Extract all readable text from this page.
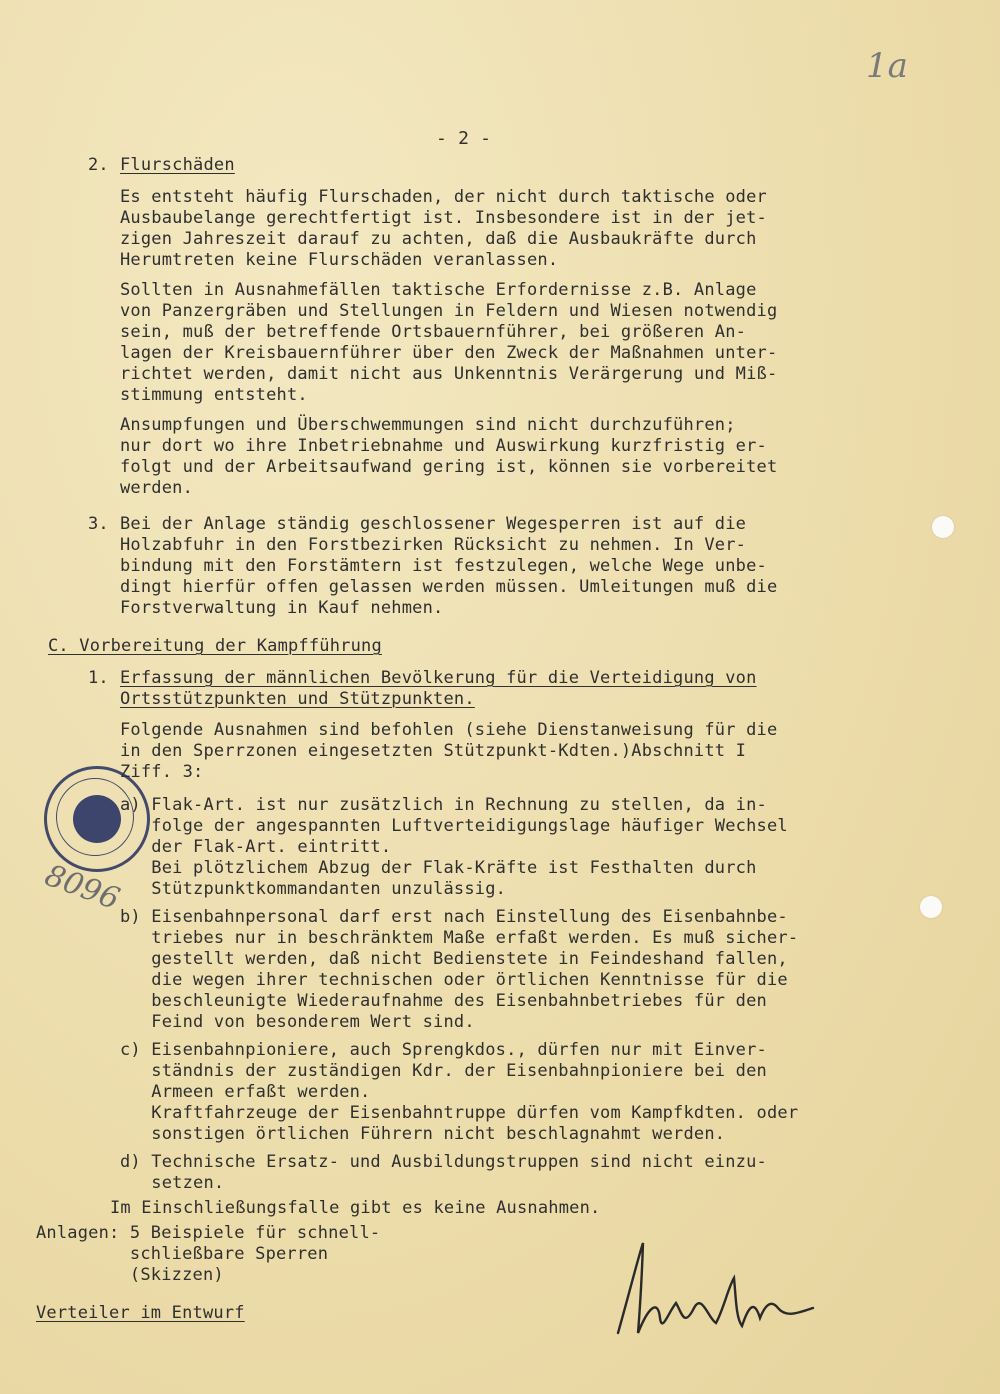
1a
- 2 -
2. Flurschäden
Es entsteht häufig Flurschaden, der nicht durch taktische oder
Ausbaubelange gerechtfertigt ist. Insbesondere ist in der jet-
zigen Jahreszeit darauf zu achten, daß die Ausbaukräfte durch
Herumtreten keine Flurschäden veranlassen.
Sollten in Ausnahmefällen taktische Erfordernisse z.B. Anlage
von Panzergräben und Stellungen in Feldern und Wiesen notwendig
sein, muß der betreffende Ortsbauernführer, bei größeren An-
lagen der Kreisbauernführer über den Zweck der Maßnahmen unter-
richtet werden, damit nicht aus Unkenntnis Verärgerung und Miß-
stimmung entsteht.
Ansumpfungen und Überschwemmungen sind nicht durchzuführen;
nur dort wo ihre Inbetriebnahme und Auswirkung kurzfristig er-
folgt und der Arbeitsaufwand gering ist, können sie vorbereitet
werden.
3. Bei der Anlage ständig geschlossener Wegesperren ist auf die
Holzabfuhr in den Forstbezirken Rücksicht zu nehmen. In Ver-
bindung mit den Forstämtern ist festzulegen, welche Wege unbe-
dingt hierfür offen gelassen werden müssen. Umleitungen muß die
Forstverwaltung in Kauf nehmen.
C. Vorbereitung der Kampfführung
1. Erfassung der männlichen Bevölkerung für die Verteidigung von
Ortsstützpunkten und Stützpunkten.
Folgende Ausnahmen sind befohlen (siehe Dienstanweisung für die
in den Sperrzonen eingesetzten Stützpunkt-Kdten.)Abschnitt I
Ziff. 3:
a) Flak-Art. ist nur zusätzlich in Rechnung zu stellen, da in-
folge der angespannten Luftverteidigungslage häufiger Wechsel
der Flak-Art. eintritt.
Bei plötzlichem Abzug der Flak-Kräfte ist Festhalten durch
Stützpunktkommandanten unzulässig.
b) Eisenbahnpersonal darf erst nach Einstellung des Eisenbahnbe-
triebes nur in beschränktem Maße erfaßt werden. Es muß sicher-
gestellt werden, daß nicht Bedienstete in Feindeshand fallen,
die wegen ihrer technischen oder örtlichen Kenntnisse für die
beschleunigte Wiederaufnahme des Eisenbahnbetriebes für den
Feind von besonderem Wert sind.
c) Eisenbahnpioniere, auch Sprengkdos., dürfen nur mit Einver-
ständnis der zuständigen Kdr. der Eisenbahnpioniere bei den
Armeen erfaßt werden.
Kraftfahrzeuge der Eisenbahntruppe dürfen vom Kampfkdten. oder
sonstigen örtlichen Führern nicht beschlagnahmt werden.
d) Technische Ersatz- und Ausbildungstruppen sind nicht einzu-
setzen.
Im Einschließungsfalle gibt es keine Ausnahmen.
Anlagen: 5 Beispiele für schnell-
schließbare Sperren
(Skizzen)
Verteiler im Entwurf
8096
